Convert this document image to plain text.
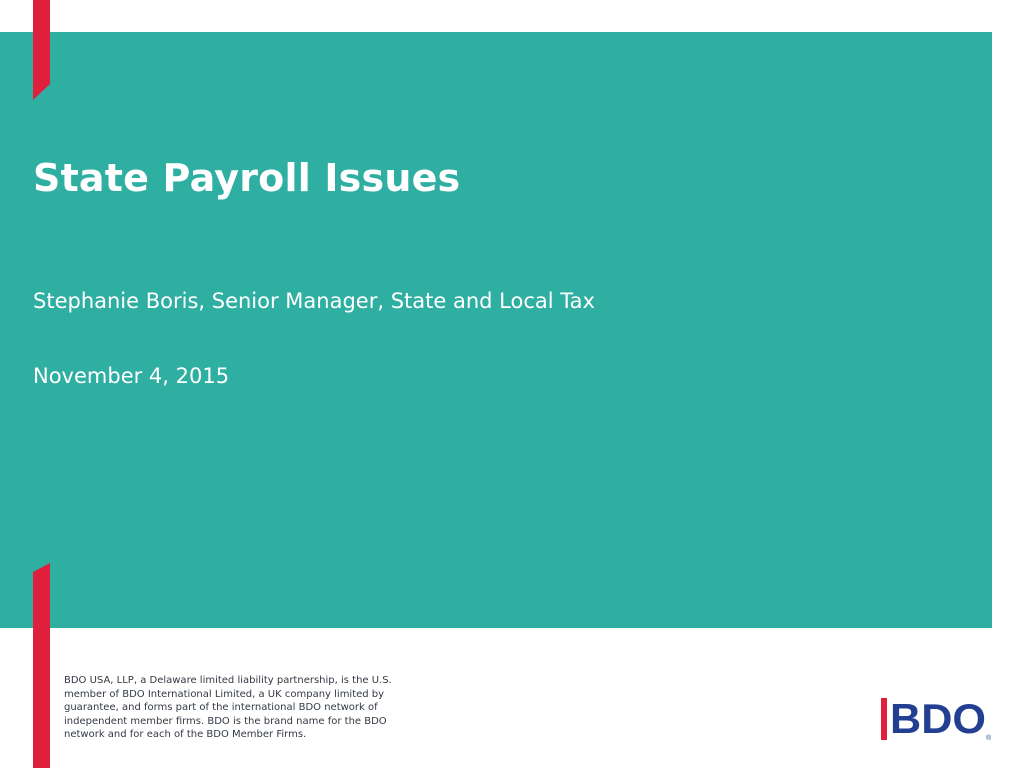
State Payroll Issues

Stephanie Boris, Senior Manager, State and Local Tax

November 4, 2015

BDO USA, LLP, a Delaware limited liability partnership, is the U.S.
member of BDO International Limited, a UK company limited by
guarantee, and forms part of the international BDO network of
independent member firms. BDO is the brand name for the BDO
network and for each of the BDO Member Firms.	BDO ®
